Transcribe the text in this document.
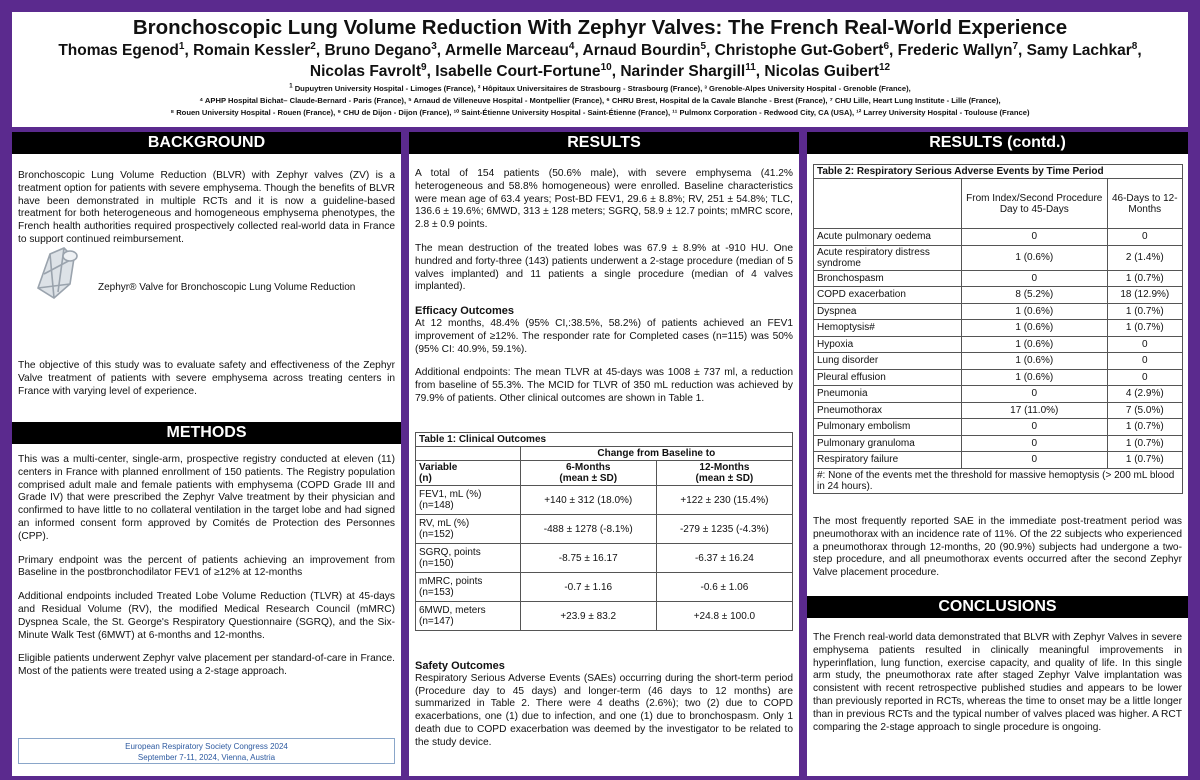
Bronchoscopic Lung Volume Reduction With Zephyr Valves: The French Real-World Experience
Thomas Egenod$^1$, Romain Kessler$^2$, Bruno Degano$^3$, Armelle Marceau$^4$, Arnaud Bourdin$^5$, Christophe Gut-Gobert$^6$, Frederic Wallyn$^7$, Samy Lachkar$^8$, Nicolas Favrolt$^9$, Isabelle Court-Fortune$^{10}$, Narinder Shargill$^{11}$, Nicolas Guibert$^{12}$
$^1$ Dupuytren University Hospital - Limoges (France), ² Hôpitaux Universitaires de Strasbourg - Strasbourg (France), ³ Grenoble-Alpes University Hospital - Grenoble (France),
⁴ APHP Hospital Bichat– Claude-Bernard - Paris (France), ⁵ Arnaud de Villeneuve Hospital - Montpellier (France), ⁶ CHRU Brest, Hospital de la Cavale Blanche - Brest (France), ⁷ CHU Lille, Heart Lung Institute - Lille (France),
⁸ Rouen University Hospital - Rouen (France), ⁹ CHU de Dijon - Dijon (France), ¹⁰ Saint-Étienne University Hospital - Saint-Étienne (France), ¹¹ Pulmonx Corporation - Redwood City, CA (USA), ¹² Larrey University Hospital - Toulouse (France)
BACKGROUND

Bronchoscopic Lung Volume Reduction (BLVR) with Zephyr valves (ZV) is a treatment option for patients with severe emphysema. Though the benefits of BLVR have been demonstrated in multiple RCTs and it is now a guideline-based treatment for both heterogeneous and homogeneous emphysema phenotypes, the French health authorities required prospectively collected real-world data in France to support continued reimbursement.

Zephyr® Valve for Bronchoscopic Lung Volume Reduction

The objective of this study was to evaluate safety and effectiveness of the Zephyr Valve treatment of patients with severe emphysema across treating centers in France with varying level of experience.

METHODS

This was a multi-center, single-arm, prospective registry conducted at eleven (11) centers in France with planned enrollment of 150 patients. The Registry population comprised adult male and female patients with emphysema (COPD Grade III and Grade IV) that were prescribed the Zephyr Valve treatment by their physician and confirmed to have little to no collateral ventilation in the target lobe and had signed an informed consent form approved by Comités de Protection des Personnes (CPP).

Primary endpoint was the percent of patients achieving an improvement from Baseline in the postbronchodilator FEV1 of ≥12% at 12-months

Additional endpoints included Treated Lobe Volume Reduction (TLVR) at 45-days and Residual Volume (RV), the modified Medical Research Council (mMRC) Dyspnea Scale, the St. George's Respiratory Questionnaire (SGRQ), and the Six-Minute Walk Test (6MWT) at 6-months and 12-months.

Eligible patients underwent Zephyr valve placement per standard-of-care in France. Most of the patients were treated using a 2-stage approach.

European Respiratory Society Congress 2024
September 7-11, 2024, Vienna, Austria
RESULTS

A total of 154 patients (50.6% male), with severe emphysema (41.2% heterogeneous and 58.8% homogeneous) were enrolled. Baseline characteristics were mean age of 63.4 years; Post-BD FEV1, 29.6 ± 8.8%; RV, 251 ± 54.8%; TLC, 136.6 ± 19.6%; 6MWD, 313 ± 128 meters; SGRQ, 58.9 ± 12.7 points; mMRC score, 2.8 ± 0.9 points.

The mean destruction of the treated lobes was 67.9 ± 8.9% at -910 HU. One hundred and forty-three (143) patients underwent a 2-stage procedure (median of 5 valves implanted) and 11 patients a single procedure (median of 4 valves implanted).

Efficacy Outcomes

At 12 months, 48.4% (95% CI,:38.5%, 58.2%) of patients achieved an FEV1 improvement of ≥12%. The responder rate for Completed cases (n=115) was 50% (95% CI: 40.9%, 59.1%).

Additional endpoints: The mean TLVR at 45-days was 1008 ± 737 ml, a reduction from baseline of 55.3%. The MCID for TLVR of 350 mL reduction was achieved by 79.9% of patients. Other clinical outcomes are shown in Table 1.

Table 1: Clinical Outcomes		
	Change from Baseline to	
Variable
(n)	6-Months
(mean ± SD)	12-Months
(mean ± SD)
FEV1, mL (%)
(n=148)	+140 ± 312 (18.0%)	+122 ± 230 (15.4%)
RV, mL (%)
(n=152)	-488 ± 1278 (-8.1%)	-279 ± 1235 (-4.3%)
SGRQ, points
(n=150)	-8.75 ± 16.17	-6.37 ± 16.24
mMRC, points
(n=153)	-0.7 ± 1.16	-0.6 ± 1.06
6MWD, meters
(n=147)	+23.9 ± 83.2	+24.8 ± 100.0
Safety Outcomes

Respiratory Serious Adverse Events (SAEs) occurring during the short-term period (Procedure day to 45 days) and longer-term (46 days to 12 months) are summarized in Table 2. There were 4 deaths (2.6%); two (2) due to COPD exacerbations, one (1) due to infection, and one (1) due to bronchospasm. Only 1 death due to COPD exacerbation was deemed by the investigator to be related to the study device.

RESULTS (contd.)
Table 2: Respiratory Serious Adverse Events by Time Period		
	From Index/Second Procedure Day to 45-Days	46-Days to 12-Months
Acute pulmonary oedema	0	0
Acute respiratory distress syndrome	1 (0.6%)	2 (1.4%)
Bronchospasm	0	1 (0.7%)
COPD exacerbation	8 (5.2%)	18 (12.9%)
Dyspnea	1 (0.6%)	1 (0.7%)
Hemoptysis#	1 (0.6%)	1 (0.7%)
Hypoxia	1 (0.6%)	0
Lung disorder	1 (0.6%)	0
Pleural effusion	1 (0.6%)	0
Pneumonia	0	4 (2.9%)
Pneumothorax	17 (11.0%)	7 (5.0%)
Pulmonary embolism	0	1 (0.7%)
Pulmonary granuloma	0	1 (0.7%)
Respiratory failure	0	1 (0.7%)
#: None of the events met the threshold for massive hemoptysis (> 200 mL blood in 24 hours).		

The most frequently reported SAE in the immediate post-treatment period was pneumothorax with an incidence rate of 11%. Of the 22 subjects who experienced a pneumothorax through 12-months, 20 (90.9%) subjects had undergone a two-step procedure, and all pneumothorax events occurred after the second Zephyr Valve placement procedure.

CONCLUSIONS

The French real-world data demonstrated that BLVR with Zephyr Valves in severe emphysema patients resulted in clinically meaningful improvements in hyperinflation, lung function, exercise capacity, and quality of life. In this single arm study, the pneumothorax rate after staged Zephyr Valve implantation was consistent with recent retrospective published studies and appears to be lower than previously reported in RCTs, whereas the time to onset may be a little longer than in previous RCTs and the typical number of valves placed was higher. A RCT comparing the 2-stage approach to single procedure is ongoing.
